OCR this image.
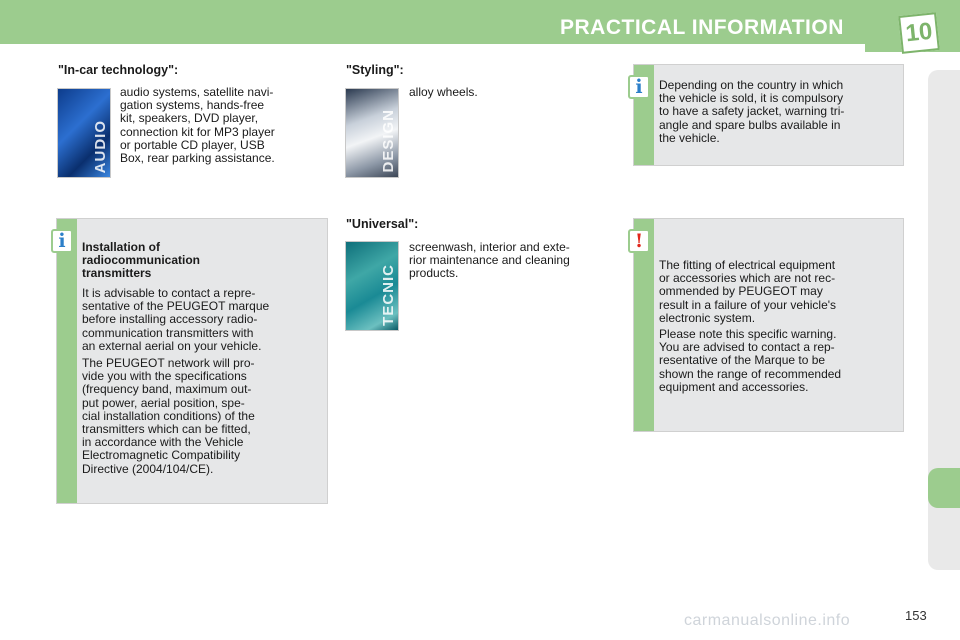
PRACTICAL INFORMATION	10
"In-car technology":
AUDIO
audio systems, satellite navi-
gation systems, hands-free
kit, speakers, DVD player,
connection kit for MP3 player
or portable CD player, USB
Box, rear parking assistance.
"Styling":
DESIGN
alloy wheels.
"Universal":
TECNIC
screenwash, interior and exte-
rior maintenance and cleaning
products.
Depending on the country in which
the vehicle is sold, it is compulsory
to have a safety jacket, warning tri-
angle and spare bulbs available in
the vehicle.
i
Installation of
radiocommunication
transmitters
It is advisable to contact a repre-
sentative of the PEUGEOT marque
before installing accessory radio-
communication transmitters with
an external aerial on your vehicle.
The PEUGEOT network will pro-
vide you with the specifications
(frequency band, maximum out-
put power, aerial position, spe-
cial installation conditions) of the
transmitters which can be fitted,
in accordance with the Vehicle
Electromagnetic Compatibility
Directive (2004/104/CE).
i
The fitting of electrical equipment
or accessories which are not rec-
ommended by PEUGEOT may
result in a failure of your vehicle's
electronic system.
Please note this specific warning.
You are advised to contact a rep-
resentative of the Marque to be
shown the range of recommended
equipment and accessories.
!
carmanualsonline.info	153
